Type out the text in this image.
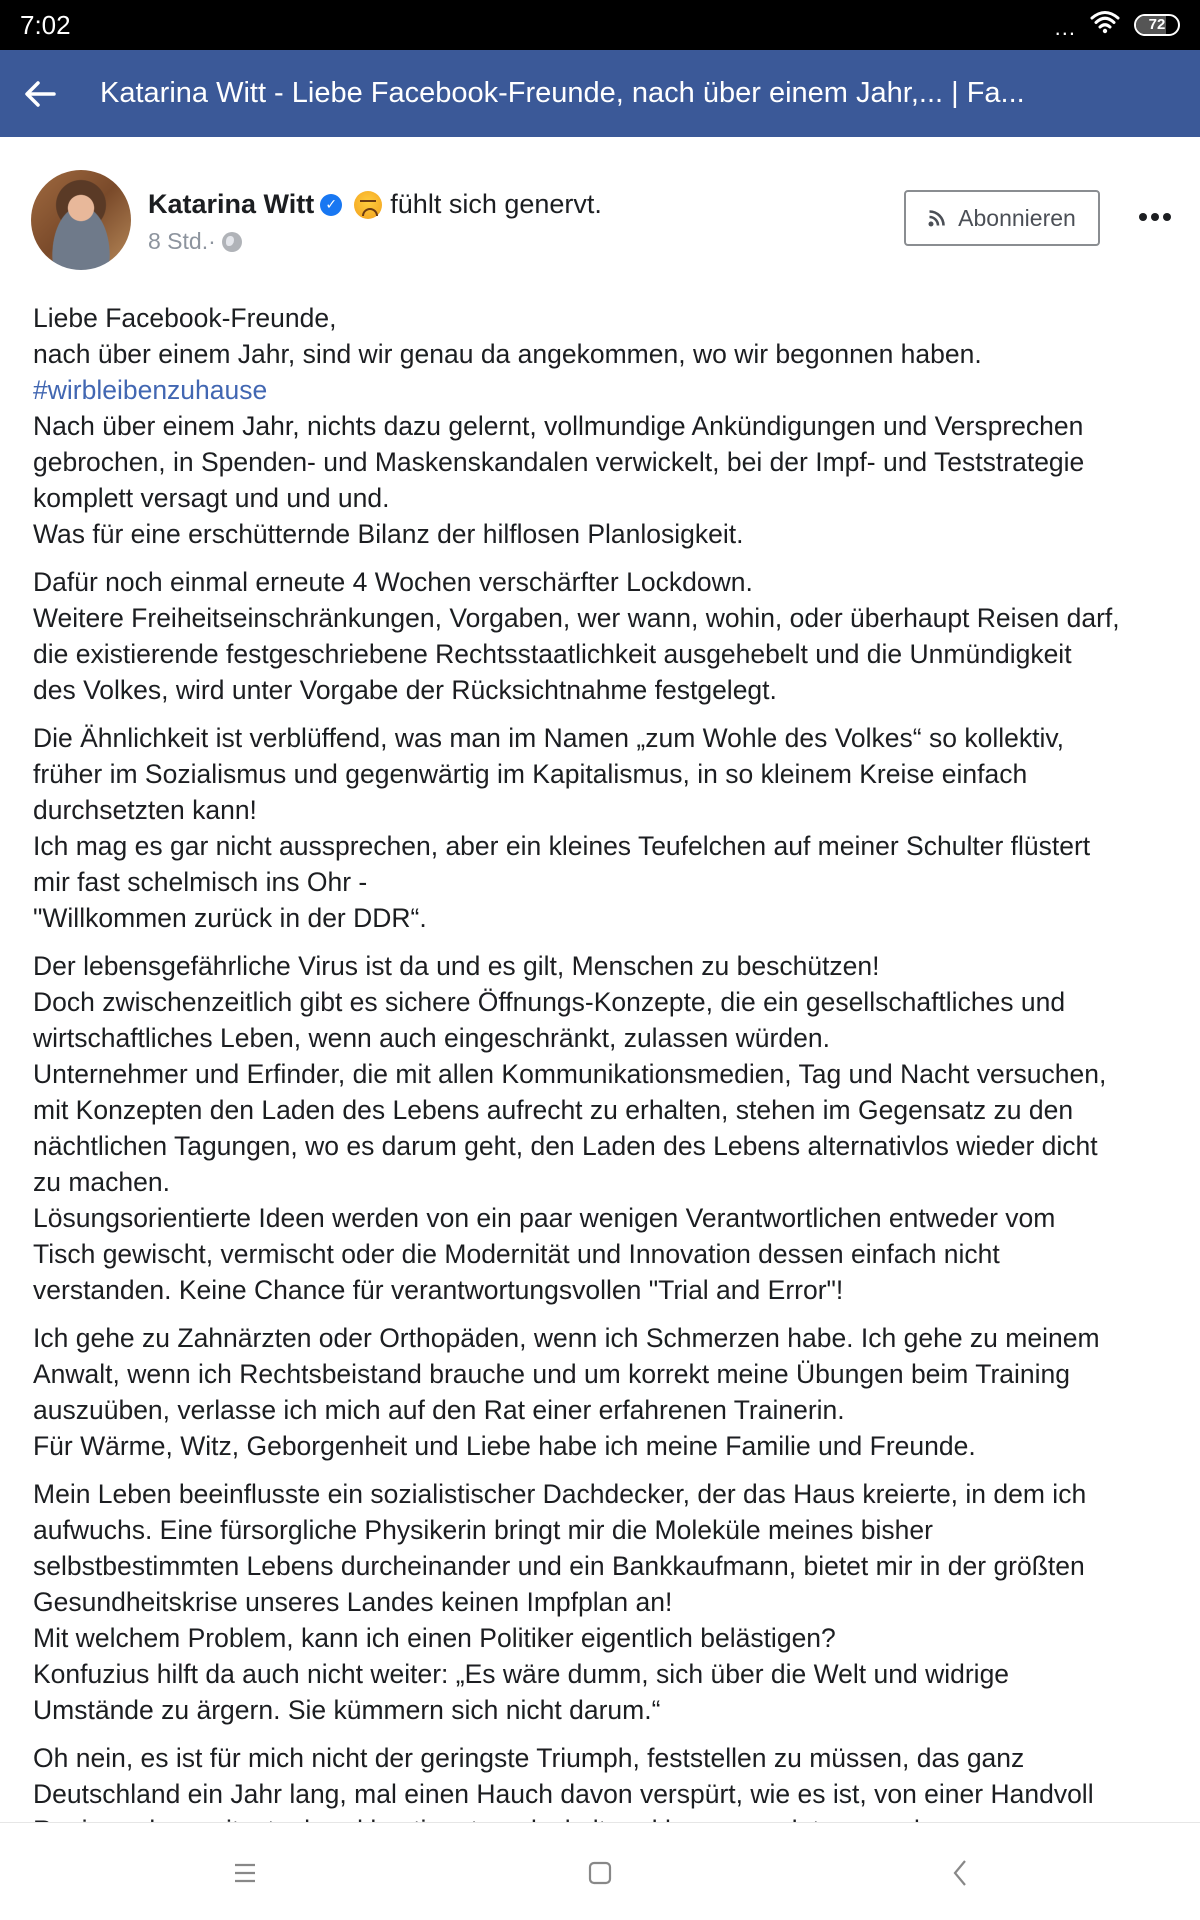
7:02	...	72
Katarina Witt - Liebe Facebook-Freunde, nach über einem Jahr,... | Fa...
Katarina Witt ✓ fühlt sich genervt.
8 Std. ·
Abonnieren
Liebe Facebook-Freunde,
nach über einem Jahr, sind wir genau da angekommen, wo wir begonnen haben.
#wirbleibenzuhause
Nach über einem Jahr, nichts dazu gelernt, vollmundige Ankündigungen und Versprechen
gebrochen, in Spenden- und Maskenskandalen verwickelt, bei der Impf- und Teststrategie
komplett versagt und und und.
Was für eine erschütternde Bilanz der hilflosen Planlosigkeit.
Dafür noch einmal erneute 4 Wochen verschärfter Lockdown.
Weitere Freiheitseinschränkungen, Vorgaben, wer wann, wohin, oder überhaupt Reisen darf,
die existierende festgeschriebene Rechtsstaatlichkeit ausgehebelt und die Unmündigkeit
des Volkes, wird unter Vorgabe der Rücksichtnahme festgelegt.
Die Ähnlichkeit ist verblüffend, was man im Namen „zum Wohle des Volkes“ so kollektiv,
früher im Sozialismus und gegenwärtig im Kapitalismus, in so kleinem Kreise einfach
durchsetzten kann!
Ich mag es gar nicht aussprechen, aber ein kleines Teufelchen auf meiner Schulter flüstert
mir fast schelmisch ins Ohr -
"Willkommen zurück in der DDR“.
Der lebensgefährliche Virus ist da und es gilt, Menschen zu beschützen!
Doch zwischenzeitlich gibt es sichere Öffnungs-Konzepte, die ein gesellschaftliches und
wirtschaftliches Leben, wenn auch eingeschränkt, zulassen würden.
Unternehmer und Erfinder, die mit allen Kommunikationsmedien, Tag und Nacht versuchen,
mit Konzepten den Laden des Lebens aufrecht zu erhalten, stehen im Gegensatz zu den
nächtlichen Tagungen, wo es darum geht, den Laden des Lebens alternativlos wieder dicht
zu machen.
Lösungsorientierte Ideen werden von ein paar wenigen Verantwortlichen entweder vom
Tisch gewischt, vermischt oder die Modernität und Innovation dessen einfach nicht
verstanden. Keine Chance für verantwortungsvollen "Trial and Error"!
Ich gehe zu Zahnärzten oder Orthopäden, wenn ich Schmerzen habe. Ich gehe zu meinem
Anwalt, wenn ich Rechtsbeistand brauche und um korrekt meine Übungen beim Training
auszuüben, verlasse ich mich auf den Rat einer erfahrenen Trainerin.
Für Wärme, Witz, Geborgenheit und Liebe habe ich meine Familie und Freunde.
Mein Leben beeinflusste ein sozialistischer Dachdecker, der das Haus kreierte, in dem ich
aufwuchs. Eine fürsorgliche Physikerin bringt mir die Moleküle meines bisher
selbstbestimmten Lebens durcheinander und ein Bankkaufmann, bietet mir in der größten
Gesundheitskrise unseres Landes keinen Impfplan an!
Mit welchem Problem, kann ich einen Politiker eigentlich belästigen?
Konfuzius hilft da auch nicht weiter: „Es wäre dumm, sich über die Welt und widrige
Umstände zu ärgern. Sie kümmern sich nicht darum.“
Oh nein, es ist für mich nicht der geringste Triumph, feststellen zu müssen, das ganz
Deutschland ein Jahr lang, mal einen Hauch davon verspürt, wie es ist, von einer Handvoll
